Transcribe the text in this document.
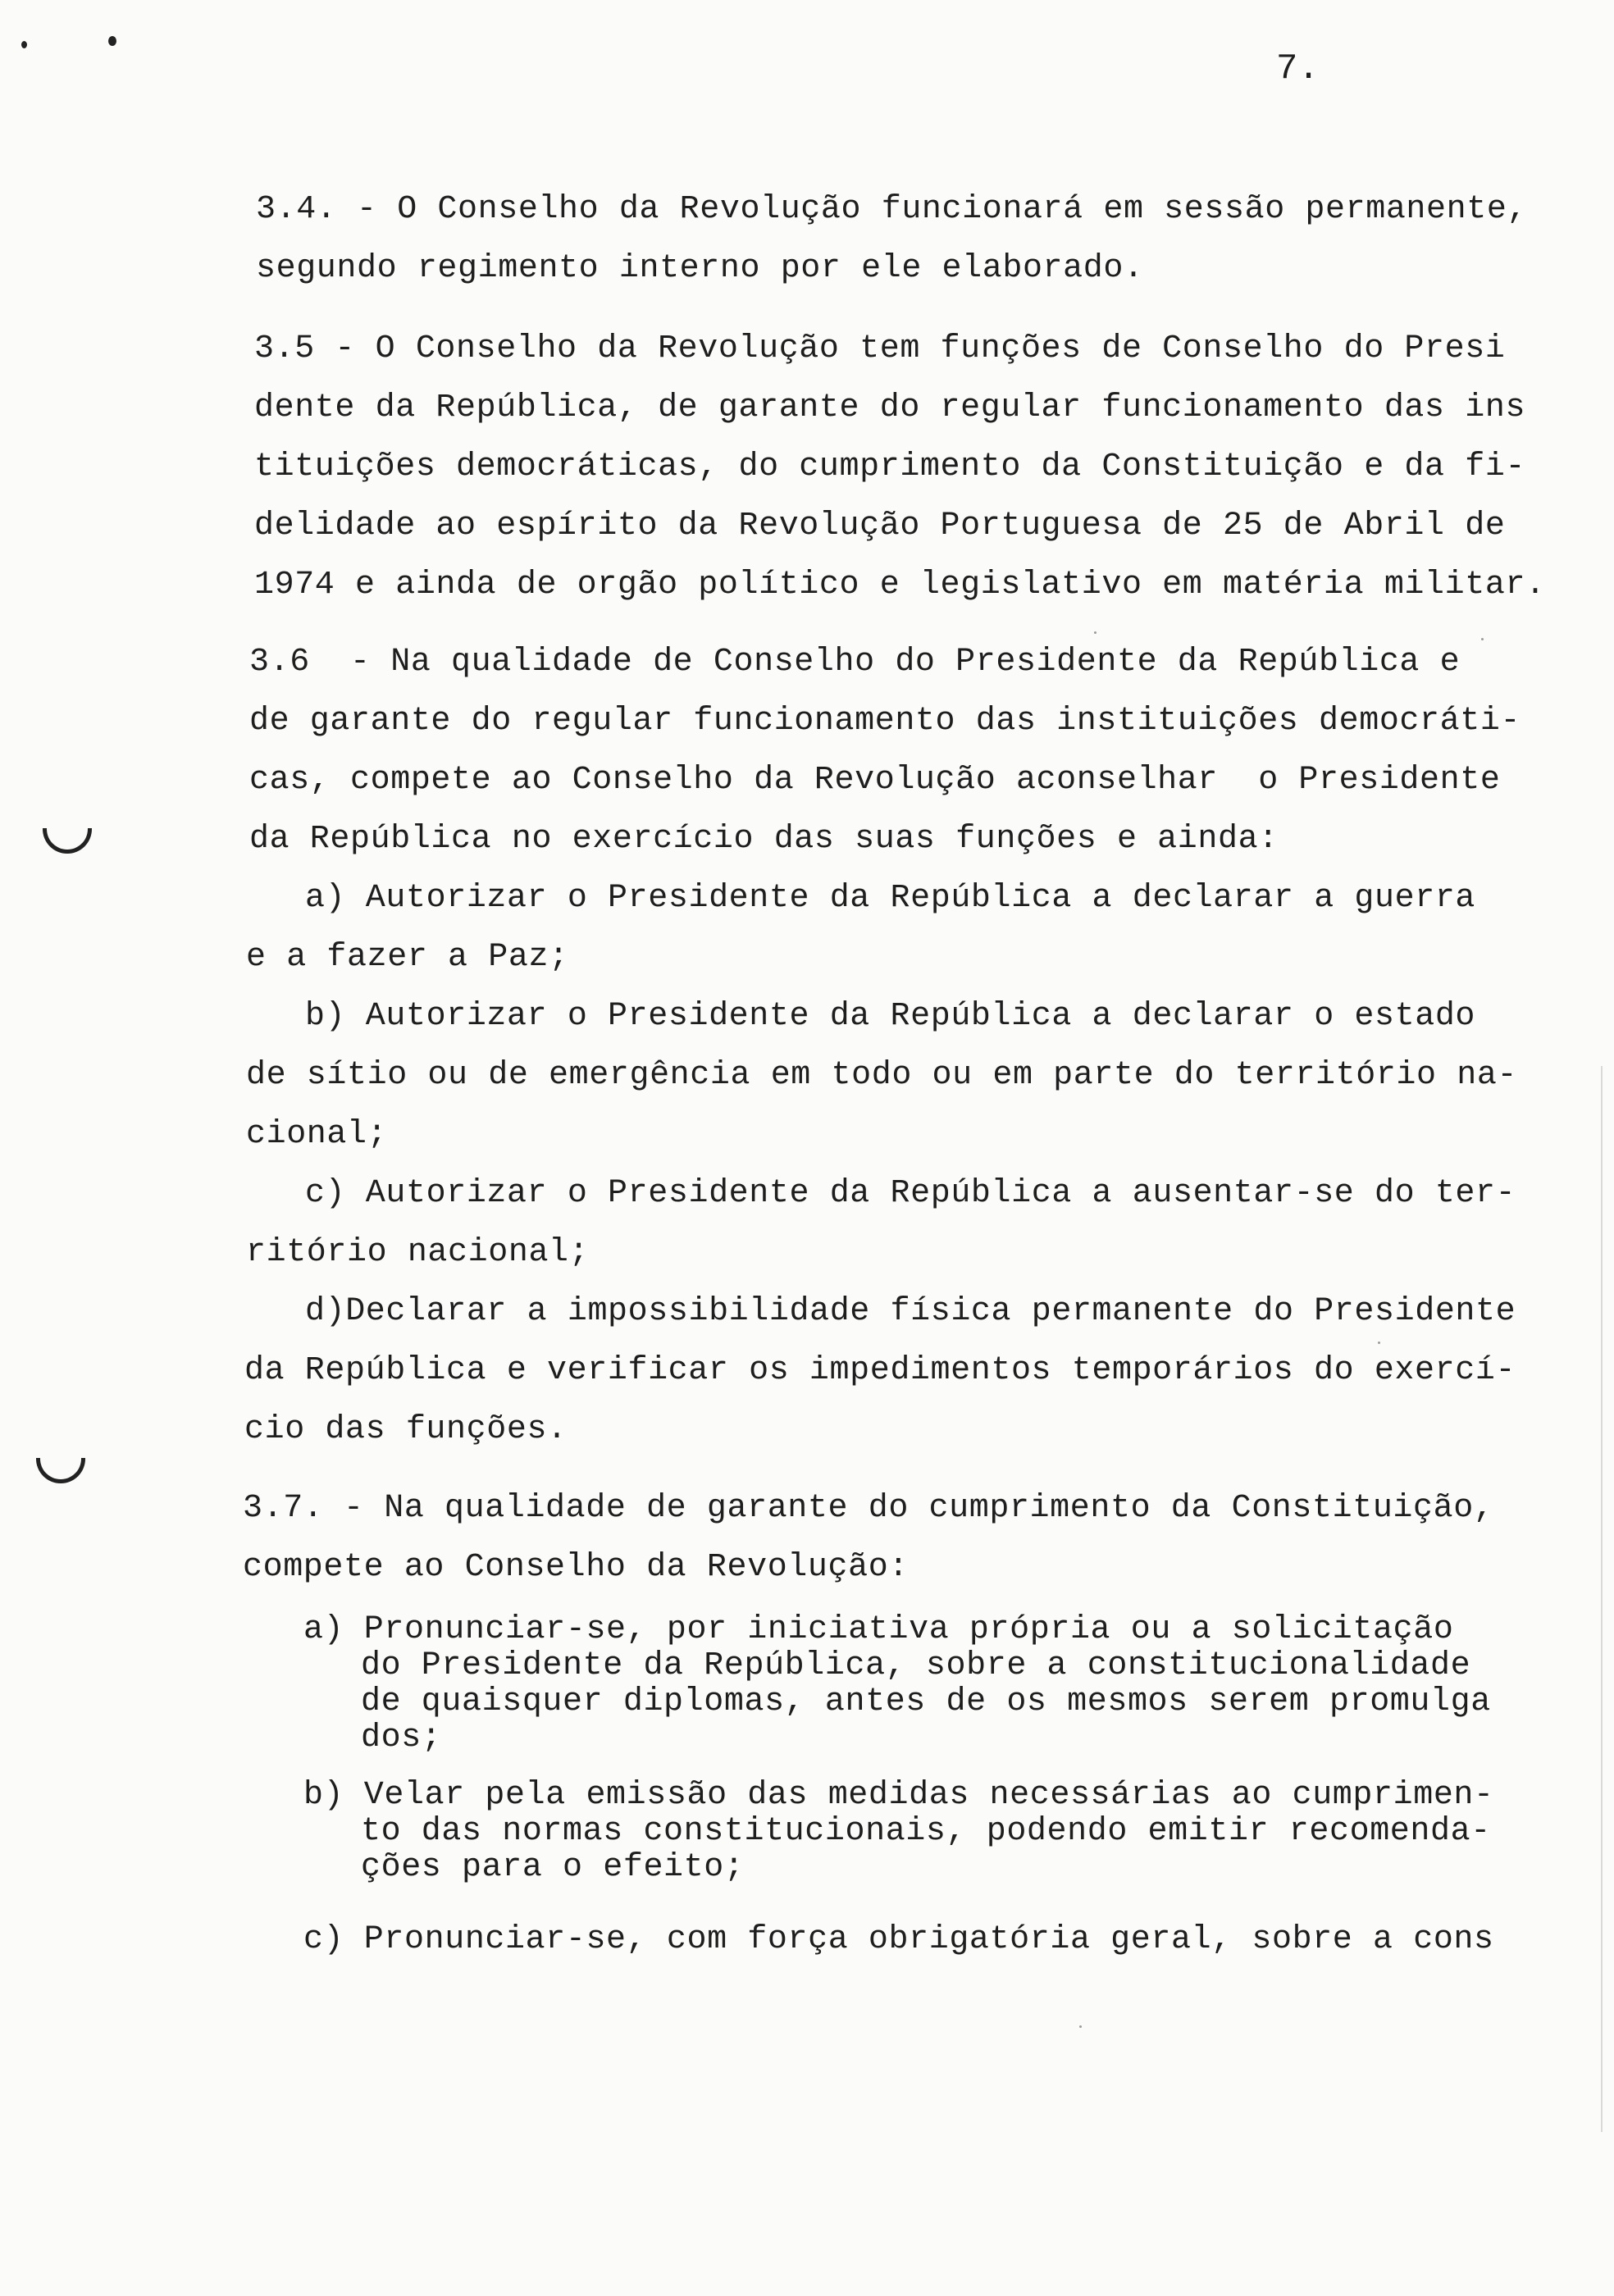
7.
3.4. - O Conselho da Revolução funcionará em sessão permanente,
segundo regimento interno por ele elaborado.
3.5 - O Conselho da Revolução tem funções de Conselho do Presi
dente da República, de garante do regular funcionamento das ins
tituições democráticas, do cumprimento da Constituição e da fi-
delidade ao espírito da Revolução Portuguesa de 25 de Abril de
1974 e ainda de orgão político e legislativo em matéria militar.
3.6  - Na qualidade de Conselho do Presidente da República e
de garante do regular funcionamento das instituições democráti-
cas, compete ao Conselho da Revolução aconselhar  o Presidente
da República no exercício das suas funções e ainda:
a) Autorizar o Presidente da República a declarar a guerra
e a fazer a Paz;
b) Autorizar o Presidente da República a declarar o estado
de sítio ou de emergência em todo ou em parte do território na-
cional;
c) Autorizar o Presidente da República a ausentar-se do ter-
ritório nacional;
d)Declarar a impossibilidade física permanente do Presidente
da República e verificar os impedimentos temporários do exercí-
cio das funções.
3.7. - Na qualidade de garante do cumprimento da Constituição,
compete ao Conselho da Revolução:
a) Pronunciar-se, por iniciativa própria ou a solicitação
do Presidente da República, sobre a constitucionalidade
de quaisquer diplomas, antes de os mesmos serem promulga
dos;
b) Velar pela emissão das medidas necessárias ao cumprimen-
to das normas constitucionais, podendo emitir recomenda-
ções para o efeito;
c) Pronunciar-se, com força obrigatória geral, sobre a cons
